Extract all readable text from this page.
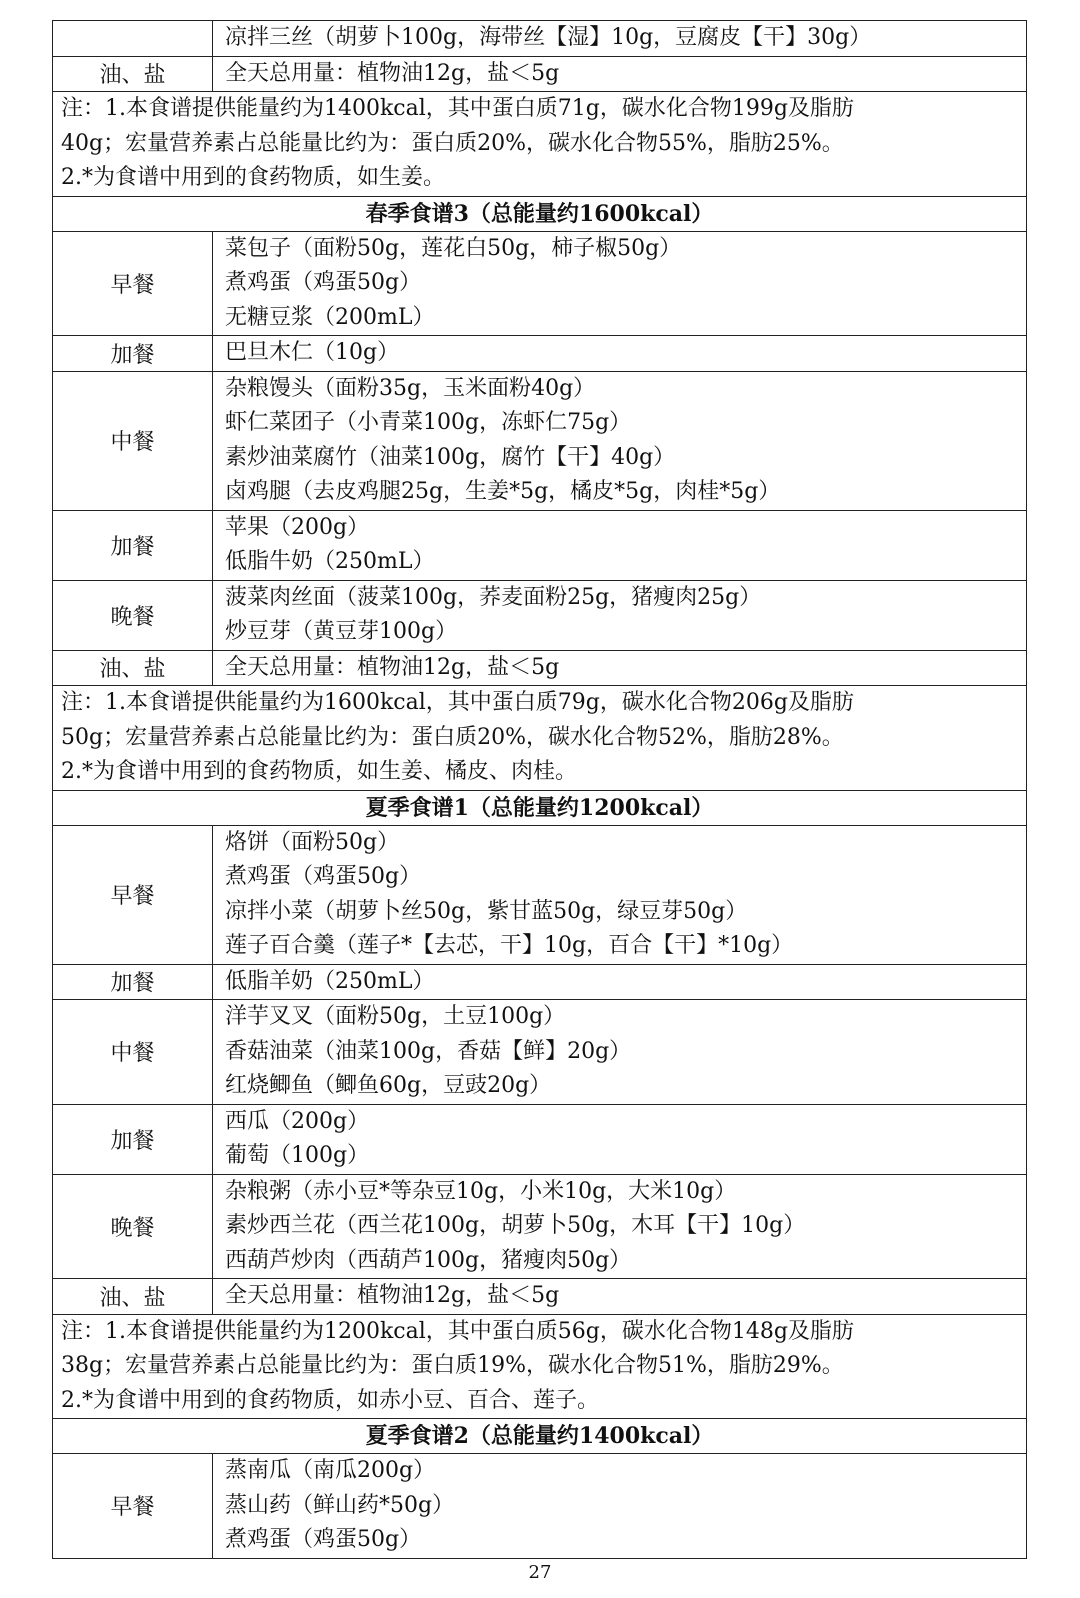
	凉拌三丝（胡萝卜100g，海带丝【湿】10g，豆腐皮【干】30g）

油、盐	全天总用量：植物油12g，盐＜5g

注：1.本食谱提供能量约为1400kcal，其中蛋白质71g，碳水化合物199g及脂肪
40g；宏量营养素占总能量比约为：蛋白质20%，碳水化合物55%，脂肪25%。
2.*为食谱中用到的食药物质，如生姜。	

春季食谱3（总能量约1600kcal）	
早餐	菜包子（面粉50g，莲花白50g，柿子椒50g）
煮鸡蛋（鸡蛋50g）
无糖豆浆（200mL）

加餐	巴旦木仁（10g）

中餐	杂粮馒头（面粉35g，玉米面粉40g）
虾仁菜团子（小青菜100g，冻虾仁75g）
素炒油菜腐竹（油菜100g，腐竹【干】40g）
卤鸡腿（去皮鸡腿25g，生姜*5g，橘皮*5g，肉桂*5g）

加餐	苹果（200g）
低脂牛奶（250mL）

晚餐	菠菜肉丝面（菠菜100g，荞麦面粉25g，猪瘦肉25g）
炒豆芽（黄豆芽100g）

油、盐	全天总用量：植物油12g，盐＜5g

注：1.本食谱提供能量约为1600kcal，其中蛋白质79g，碳水化合物206g及脂肪
50g；宏量营养素占总能量比约为：蛋白质20%，碳水化合物52%，脂肪28%。
2.*为食谱中用到的食药物质，如生姜、橘皮、肉桂。	

夏季食谱1（总能量约1200kcal）	
早餐	烙饼（面粉50g）
煮鸡蛋（鸡蛋50g）
凉拌小菜（胡萝卜丝50g，紫甘蓝50g，绿豆芽50g）
莲子百合羹（莲子*【去芯，干】10g，百合【干】*10g）

加餐	低脂羊奶（250mL）

中餐	洋芋叉叉（面粉50g，土豆100g）
香菇油菜（油菜100g，香菇【鲜】20g）
红烧鲫鱼（鲫鱼60g，豆豉20g）

加餐	西瓜（200g）
葡萄（100g）

晚餐	杂粮粥（赤小豆*等杂豆10g，小米10g，大米10g）
素炒西兰花（西兰花100g，胡萝卜50g，木耳【干】10g）
西葫芦炒肉（西葫芦100g，猪瘦肉50g）

油、盐	全天总用量：植物油12g，盐＜5g

注：1.本食谱提供能量约为1200kcal，其中蛋白质56g，碳水化合物148g及脂肪
38g；宏量营养素占总能量比约为：蛋白质19%，碳水化合物51%，脂肪29%。
2.*为食谱中用到的食药物质，如赤小豆、百合、莲子。	

夏季食谱2（总能量约1400kcal）	
早餐	蒸南瓜（南瓜200g）
蒸山药（鲜山药*50g）
煮鸡蛋（鸡蛋50g）
27
